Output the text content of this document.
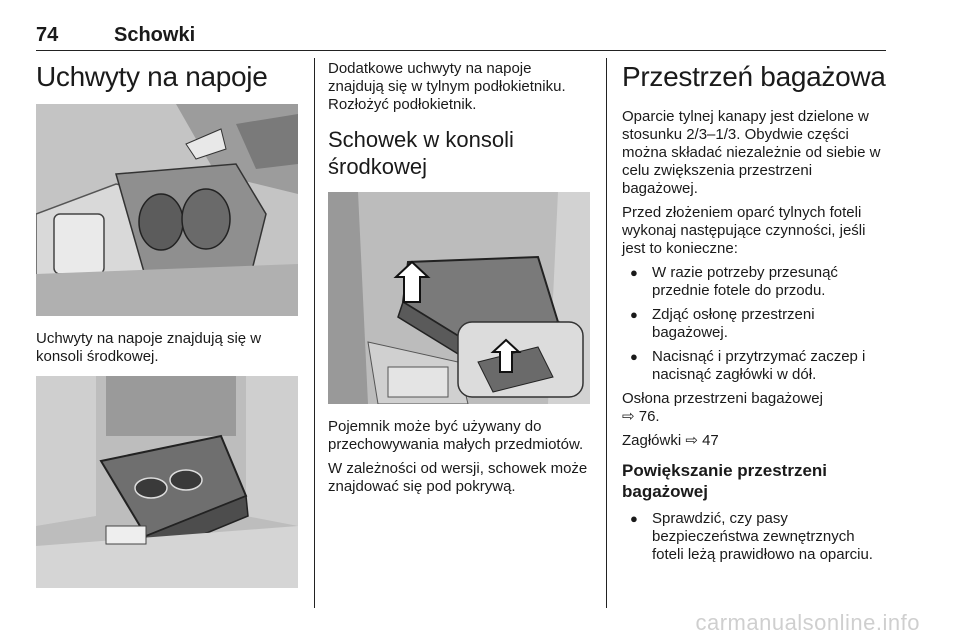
74	Schowki
Uchwyty na napoje

Uchwyty na napoje znajdują się w konsoli środkowej.

Dodatkowe uchwyty na napoje znajdują się w tylnym podłokietniku. Rozłożyć podłokietnik.

Schowek w konsoli środkowej

Pojemnik może być używany do przechowywania małych przedmiotów.

W zależności od wersji, schowek może znajdować się pod pokrywą.

Przestrzeń bagażowa

Oparcie tylnej kanapy jest dzielone w stosunku 2/3–1/3. Obydwie części można składać niezależnie od siebie w celu zwiększenia przestrzeni bagażowej.

Przed złożeniem oparć tylnych foteli wykonaj następujące czynności, jeśli jest to konieczne:

● W razie potrzeby przesunąć przednie fotele do przodu.
● Zdjąć osłonę przestrzeni bagażowej.
● Nacisnąć i przytrzymać zaczep i nacisnąć zagłówki w dół.

Osłona przestrzeni bagażowej
⇨ 76.

Zagłówki ⇨ 47

Powiększanie przestrzeni bagażowej
● Sprawdzić, czy pasy bezpieczeństwa zewnętrznych foteli leżą prawidłowo na oparciu.
carmanualsonline.info
